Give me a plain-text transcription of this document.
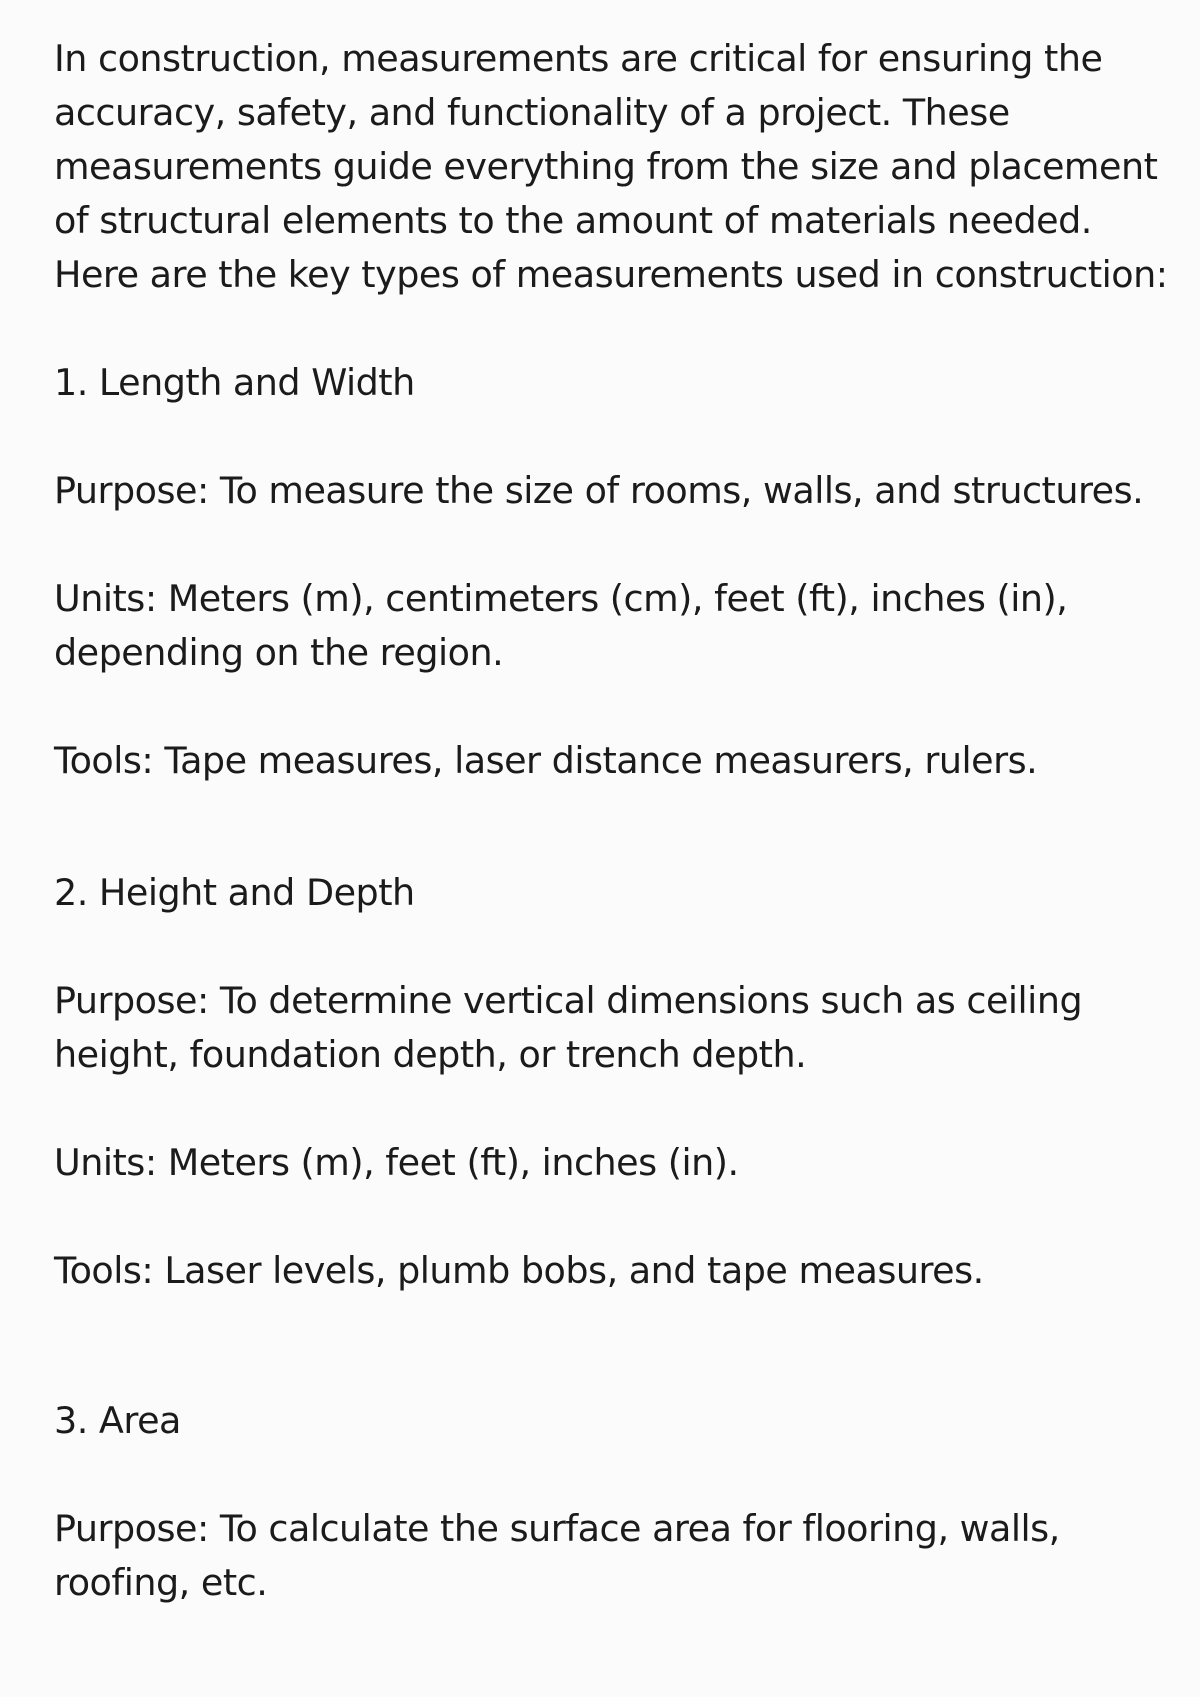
In construction, measurements are critical for ensuring the
accuracy, safety, and functionality of a project. These
measurements guide everything from the size and placement
of structural elements to the amount of materials needed.
Here are the key types of measurements used in construction:
1. Length and Width
Purpose: To measure the size of rooms, walls, and structures.
Units: Meters (m), centimeters (cm), feet (ft), inches (in),
depending on the region.
Tools: Tape measures, laser distance measurers, rulers.
2. Height and Depth
Purpose: To determine vertical dimensions such as ceiling
height, foundation depth, or trench depth.
Units: Meters (m), feet (ft), inches (in).
Tools: Laser levels, plumb bobs, and tape measures.
3. Area
Purpose: To calculate the surface area for flooring, walls,
roofing, etc.
